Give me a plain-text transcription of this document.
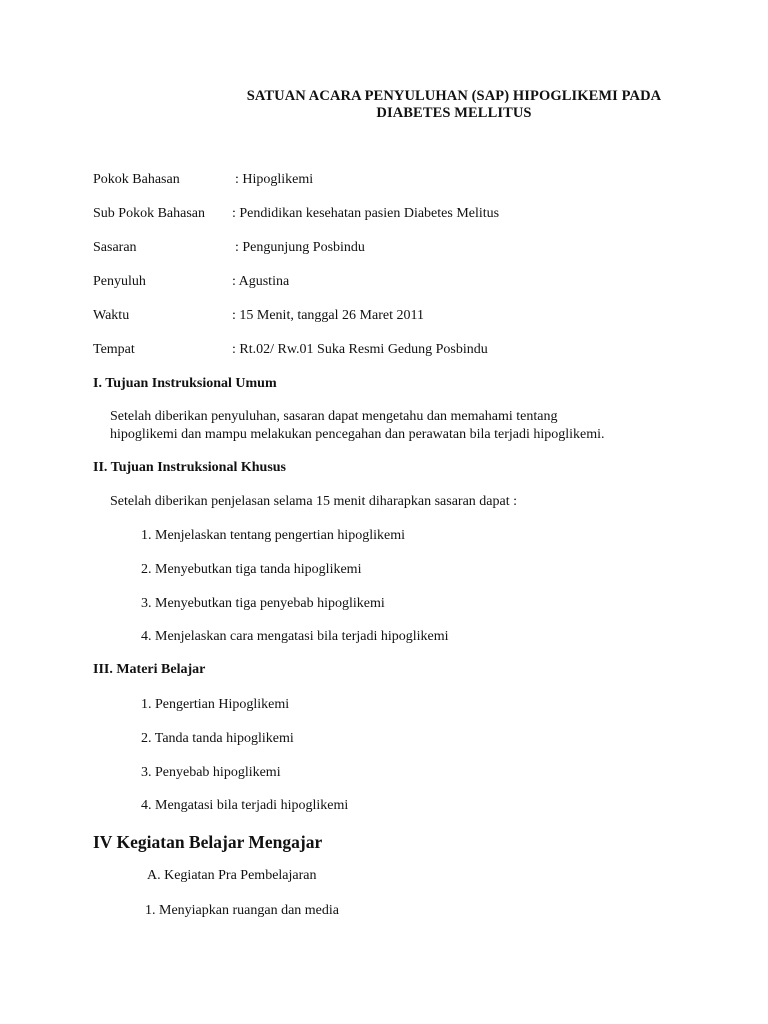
SATUAN ACARA PENYULUHAN (SAP) HIPOGLIKEMI PADA
DIABETES MELLITUS
Pokok Bahasan	: Hipoglikemi
Sub Pokok Bahasan : Pendidikan kesehatan pasien Diabetes Melitus
Sasaran	: Pengunjung Posbindu
Penyuluh	: Agustina
Waktu	: 15 Menit, tanggal 26 Maret 2011
Tempat	: Rt.02/ Rw.01 Suka Resmi Gedung Posbindu
I. Tujuan Instruksional Umum
Setelah diberikan penyuluhan, sasaran dapat mengetahu dan memahami tentang
hipoglikemi dan mampu melakukan pencegahan dan perawatan bila terjadi hipoglikemi.
II. Tujuan Instruksional Khusus
Setelah diberikan penjelasan selama 15 menit diharapkan sasaran dapat :
1. Menjelaskan tentang pengertian hipoglikemi
2. Menyebutkan tiga tanda hipoglikemi
3. Menyebutkan tiga penyebab hipoglikemi
4. Menjelaskan cara mengatasi bila terjadi hipoglikemi
III. Materi Belajar
1. Pengertian Hipoglikemi
2. Tanda tanda hipoglikemi
3. Penyebab hipoglikemi
4. Mengatasi bila terjadi hipoglikemi
IV Kegiatan Belajar Mengajar
A. Kegiatan Pra Pembelajaran
1. Menyiapkan ruangan dan media
